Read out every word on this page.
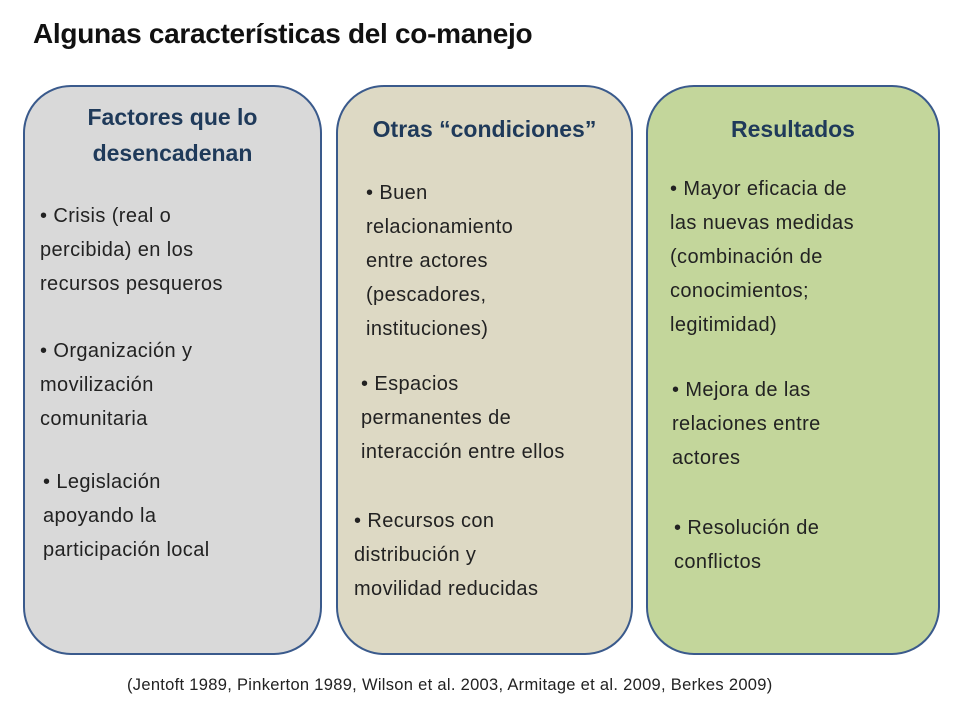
Algunas características del co-manejo
Factores que lo
desencadenan
• Crisis (real o
percibida) en los
recursos pesqueros
• Organización y
movilización
comunitaria
• Legislación
apoyando la
participación local
Otras “condiciones”
• Buen
relacionamiento
entre actores
(pescadores,
instituciones)
• Espacios
permanentes de
interacción entre ellos
• Recursos con
distribución y
movilidad reducidas
Resultados
• Mayor eficacia de
las nuevas medidas
(combinación de
conocimientos;
legitimidad)
• Mejora de las
relaciones entre
actores
• Resolución de
conflictos
(Jentoft 1989, Pinkerton 1989, Wilson et al. 2003, Armitage et al. 2009, Berkes 2009)
